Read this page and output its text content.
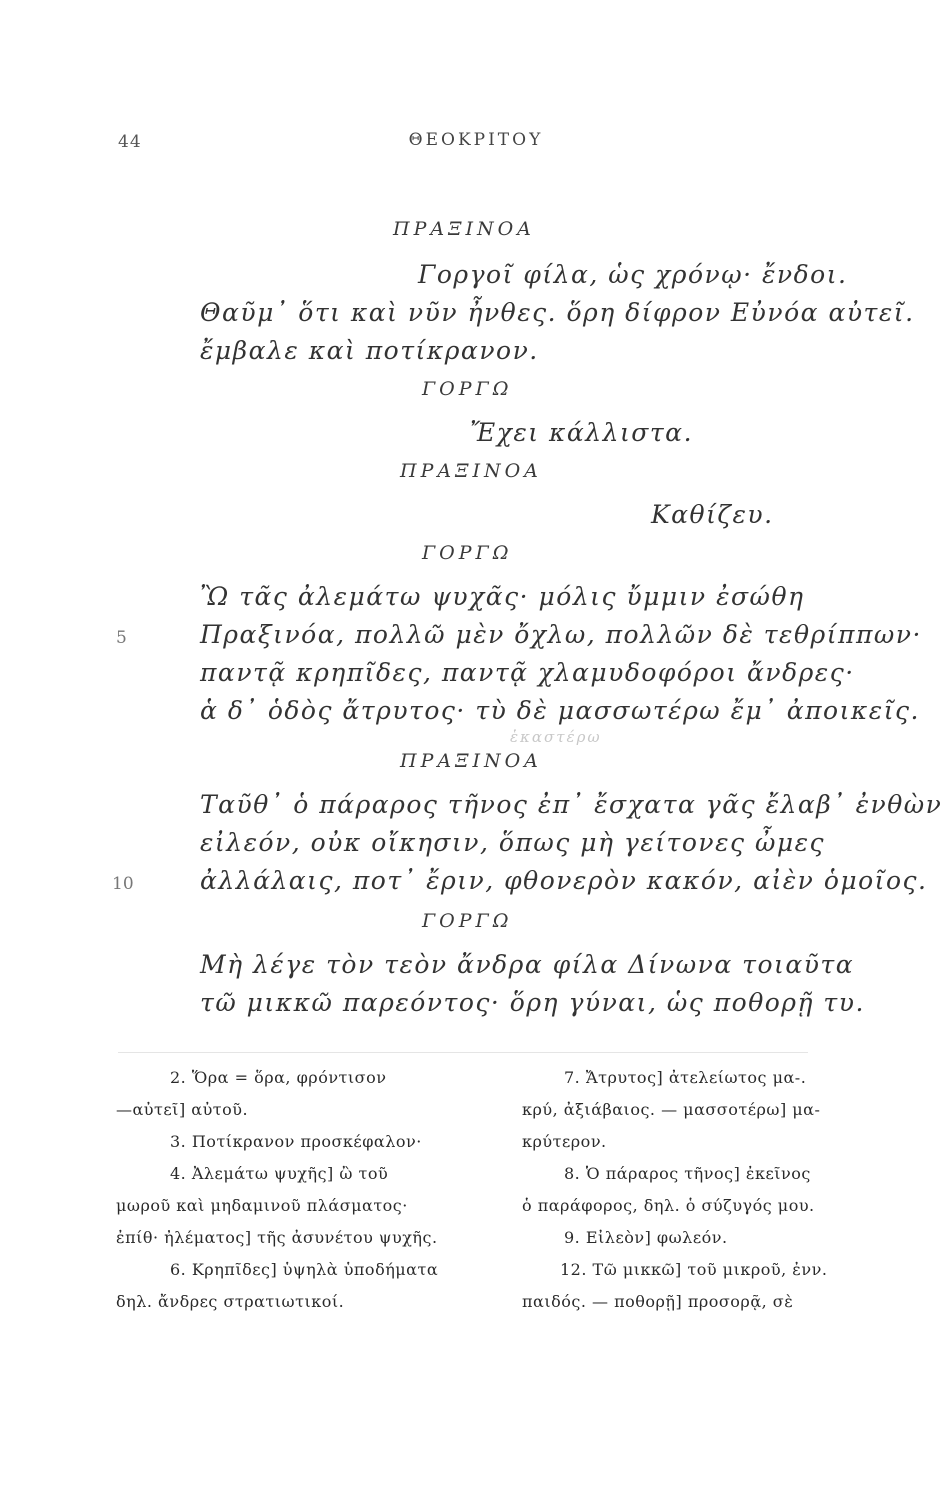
44	ΘΕΟΚΡΙΤΟΥ
ΠΡΑΞΙΝΟΑ
Γοργοῖ φίλα, ὡς χρόνῳ· ἔνδοι.
Θαῦμ᾽ ὅτι καὶ νῦν ἦνθες. ὅρη δίφρον Εὐνόα αὐτεῖ.
ἔμβαλε καὶ ποτίκρανον.
ΓΟΡΓΩ
Ἔχει κάλλιστα.
ΠΡΑΞΙΝΟΑ
Καθίζευ.
ΓΟΡΓΩ
Ὢ τᾶς ἀλεμάτω ψυχᾶς· μόλις ὔμμιν ἐσώθη
5	Πραξινόα, πολλῶ μὲν ὄχλω, πολλῶν δὲ τεθρίππων·
παντᾷ κρηπῖδες, παντᾷ χλαμυδοφόροι ἄνδρες·
ἁ δ᾽ ὁδὸς ἄτρυτος· τὺ δὲ μασσωτέρω ἔμ᾽ ἀποικεῖς.
ἑκαστέρω
ΠΡΑΞΙΝΟΑ
Ταῦθ᾽ ὁ πάραρος τῆνος ἐπ᾽ ἔσχατα γᾶς ἔλαβ᾽ ἐνθὼν
εἰλεόν, οὐκ οἴκησιν, ὅπως μὴ γείτονες ὦμες
10	ἀλλάλαις, ποτ᾽ ἔριν, φθονερὸν κακόν, αἰὲν ὁμοῖος.
ΓΟΡΓΩ
Μὴ λέγε τὸν τεὸν ἄνδρα φίλα Δίνωνα τοιαῦτα
τῶ μικκῶ παρεόντος· ὅρη γύναι, ὡς ποθορῇ τυ.
2. Ὅρα = ὅρα, φρόντισον
—αὐτεῖ] αὐτοῦ.
3. Ποτίκρανον προσκέφαλον·
4. Ἀλεμάτω ψυχῆς] ὢ τοῦ
μωροῦ καὶ μηδαμινοῦ πλάσματος·
ἐπίθ· ἠλέματος] τῆς ἀσυνέτου ψυχῆς.
6. Κρηπῖδες] ὑψηλὰ ὑποδήματα
δηλ. ἄνδρες στρατιωτικοί.
7. Ἄτρυτος] ἀτελείωτος μα-.
κρύ, ἀξιάβαιος. — μασσοτέρω] μα-
κρύτερον.
8. Ὁ πάραρος τῆνος] ἐκεῖνος
ὁ παράφορος, δηλ. ὁ σύζυγός μου.
9. Εἰλεὸν] φωλεόν.
12. Τῶ μικκῶ] τοῦ μικροῦ, ἐνν.
παιδός. — ποθορῇ] προσορᾷ, σὲ
